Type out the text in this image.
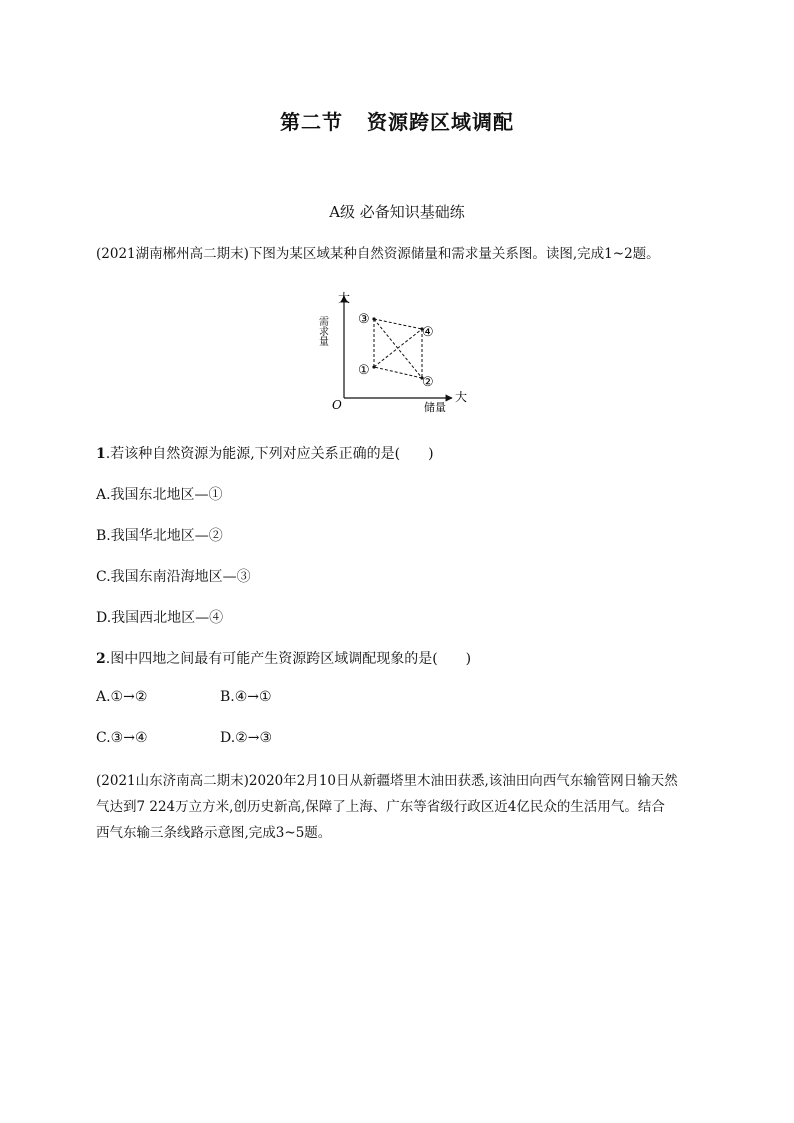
第二节 资源跨区域调配
A级 必备知识基础练
(2021湖南郴州高二期末)下图为某区域某种自然资源储量和需求量关系图。读图,完成1~2题。
大
需求量
大
储量
O
①
②
③
④
1.若该种自然资源为能源,下列对应关系正确的是(　　)
A.我国东北地区—①
B.我国华北地区—②
C.我国东南沿海地区—③
D.我国西北地区—④
2.图中四地之间最有可能产生资源跨区域调配现象的是(　　)
A.①→②	B.④→①
C.③→④	D.②→③
(2021山东济南高二期末)2020年2月10日从新疆塔里木油田获悉,该油田向西气东输管网日输天然
气达到7 224万立方米,创历史新高,保障了上海、广东等省级行政区近4亿民众的生活用气。结合
西气东输三条线路示意图,完成3~5题。
